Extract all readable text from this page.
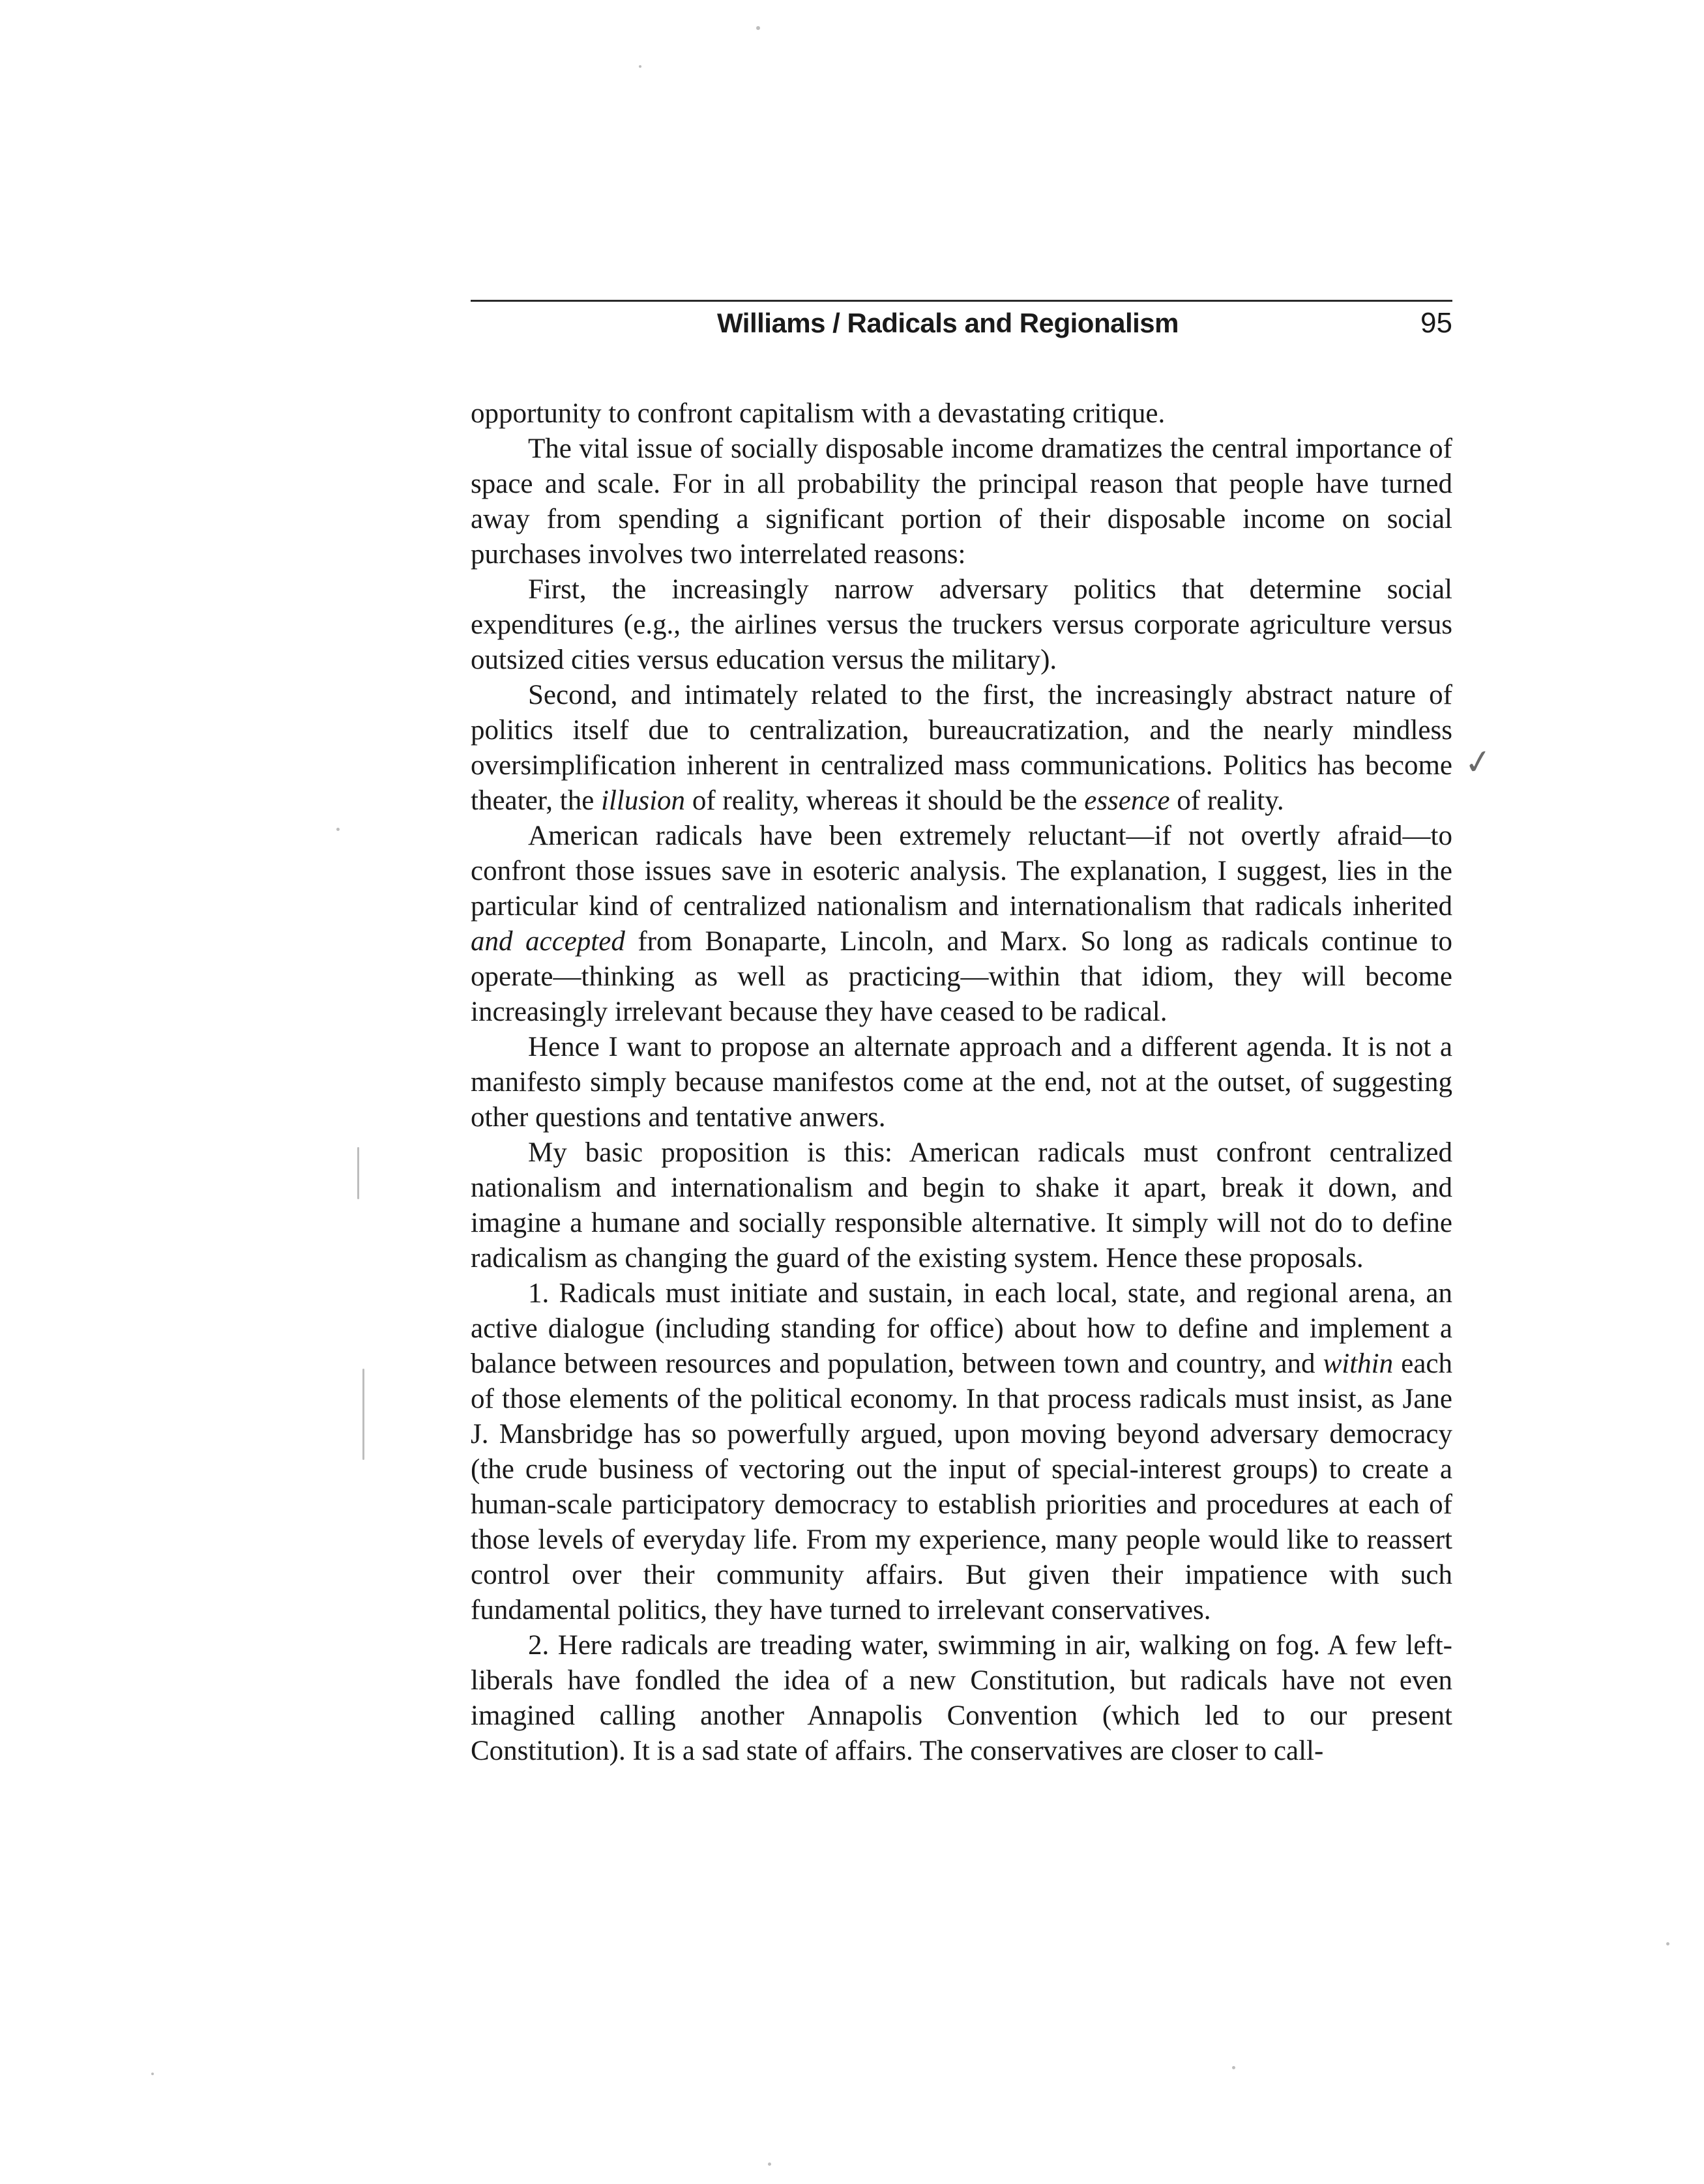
Williams / Radicals and Regionalism	95

opportunity to confront capitalism with a devastating critique.

The vital issue of socially disposable income dramatizes the central importance of space and scale. For in all probability the principal reason that people have turned away from spending a significant portion of their disposable income on social purchases involves two interrelated reasons:

First, the increasingly narrow adversary politics that determine social expenditures (e.g., the airlines versus the truckers versus corporate agriculture versus outsized cities versus education versus the military).

Second, and intimately related to the first, the increasingly abstract nature of politics itself due to centralization, bureaucratization, and the nearly mindless oversimplification inherent in centralized mass communications. Politics has become theater, the illusion of reality, whereas it should be the essence of reality.

American radicals have been extremely reluctant—if not overtly afraid—to confront those issues save in esoteric analysis. The explanation, I suggest, lies in the particular kind of centralized nationalism and internationalism that radicals inherited and accepted from Bonaparte, Lincoln, and Marx. So long as radicals continue to operate—thinking as well as practicing—within that idiom, they will become increasingly irrelevant because they have ceased to be radical.

Hence I want to propose an alternate approach and a different agenda. It is not a manifesto simply because manifestos come at the end, not at the outset, of suggesting other questions and tentative anwers.

My basic proposition is this: American radicals must confront centralized nationalism and internationalism and begin to shake it apart, break it down, and imagine a humane and socially responsible alternative. It simply will not do to define radicalism as changing the guard of the existing system. Hence these proposals.

1. Radicals must initiate and sustain, in each local, state, and regional arena, an active dialogue (including standing for office) about how to define and implement a balance between resources and population, between town and country, and within each of those elements of the political economy. In that process radicals must insist, as Jane J. Mansbridge has so powerfully argued, upon moving beyond adversary democracy (the crude business of vectoring out the input of special-interest groups) to create a human-scale participatory democracy to establish priorities and procedures at each of those levels of everyday life. From my experience, many people would like to reassert control over their community affairs. But given their impatience with such fundamental politics, they have turned to irrelevant conservatives.

2. Here radicals are treading water, swimming in air, walking on fog. A few left-liberals have fondled the idea of a new Constitution, but radicals have not even imagined calling another Annapolis Convention (which led to our present Constitution). It is a sad state of affairs. The conservatives are closer to call-

✓
